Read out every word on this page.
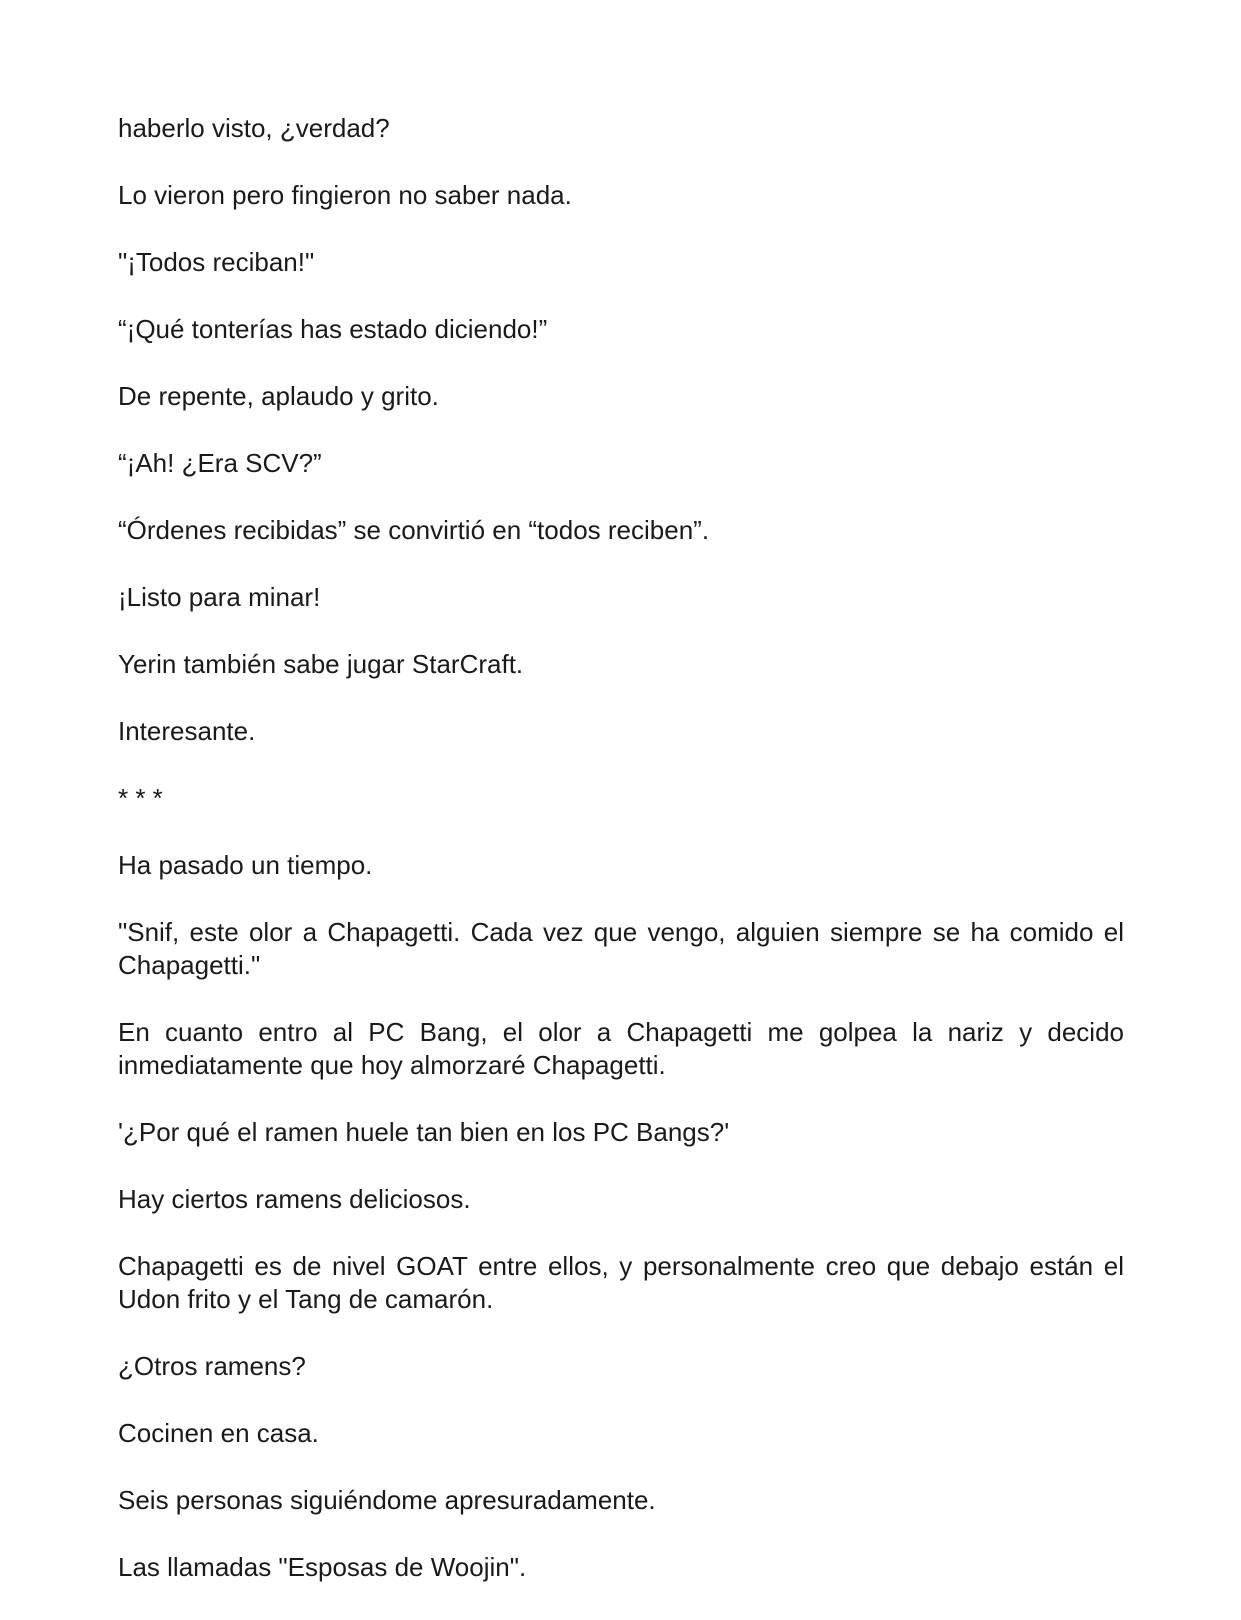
haberlo visto, ¿verdad?

Lo vieron pero fingieron no saber nada.

"¡Todos reciban!"

“¡Qué tonterías has estado diciendo!”

De repente, aplaudo y grito.

“¡Ah! ¿Era SCV?”

“Órdenes recibidas” se convirtió en “todos reciben”.

¡Listo para minar!

Yerin también sabe jugar StarCraft.

Interesante.

* * *

Ha pasado un tiempo.

"Snif, este olor a Chapagetti. Cada vez que vengo, alguien siempre se ha comido el Chapagetti."

En cuanto entro al PC Bang, el olor a Chapagetti me golpea la nariz y decido inmediatamente que hoy almorzaré Chapagetti.

'¿Por qué el ramen huele tan bien en los PC Bangs?'

Hay ciertos ramens deliciosos.

Chapagetti es de nivel GOAT entre ellos, y personalmente creo que debajo están el Udon frito y el Tang de camarón.

¿Otros ramens?

Cocinen en casa.

Seis personas siguiéndome apresuradamente.

Las llamadas "Esposas de Woojin".
